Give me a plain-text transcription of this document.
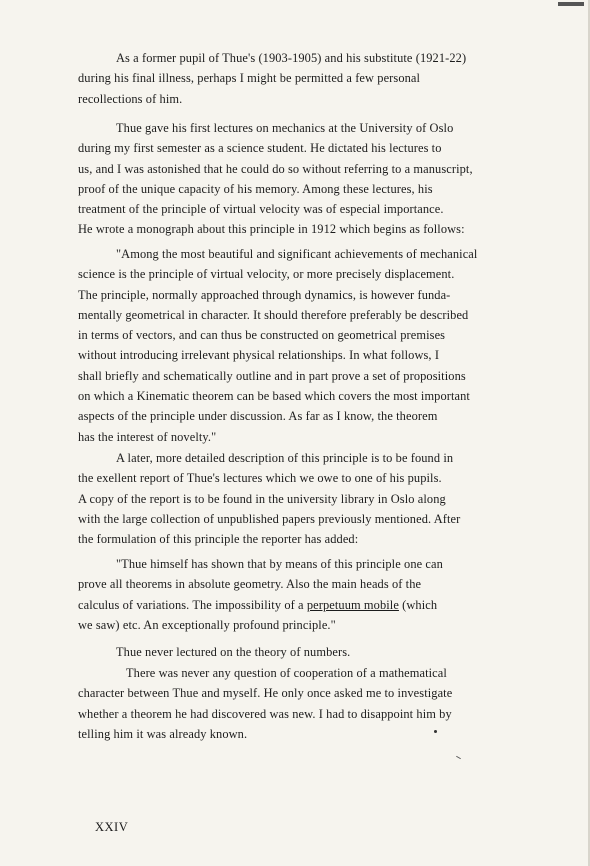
As a former pupil of Thue's (1903-1905) and his substitute (1921-22)
during his final illness, perhaps I might be permitted a few personal
recollections of him.
Thue gave his first lectures on mechanics at the University of Oslo
during my first semester as a science student. He dictated his lectures to
us, and I was astonished that he could do so without referring to a manuscript,
proof of the unique capacity of his memory. Among these lectures, his
treatment of the principle of virtual velocity was of especial importance.
He wrote a monograph about this principle in 1912 which begins as follows:
"Among the most beautiful and significant achievements of mechanical
science is the principle of virtual velocity, or more precisely displacement.
The principle, normally approached through dynamics, is however funda-
mentally geometrical in character. It should therefore preferably be described
in terms of vectors, and can thus be constructed on geometrical premises
without introducing irrelevant physical relationships. In what follows, I
shall briefly and schematically outline and in part prove a set of propositions
on which a Kinematic theorem can be based which covers the most important
aspects of the principle under discussion. As far as I know, the theorem
has the interest of novelty."
A later, more detailed description of this principle is to be found in
the exellent report of Thue's lectures which we owe to one of his pupils.
A copy of the report is to be found in the university library in Oslo along
with the large collection of unpublished papers previously mentioned. After
the formulation of this principle the reporter has added:
"Thue himself has shown that by means of this principle one can
prove all theorems in absolute geometry. Also the main heads of the
calculus of variations. The impossibility of a perpetuum mobile (which
we saw) etc. An exceptionally profound principle."
Thue never lectured on the theory of numbers.
There was never any question of cooperation of a mathematical
character between Thue and myself. He only once asked me to investigate
whether a theorem he had discovered was new. I had to disappoint him by
telling him it was already known.
XXIV
